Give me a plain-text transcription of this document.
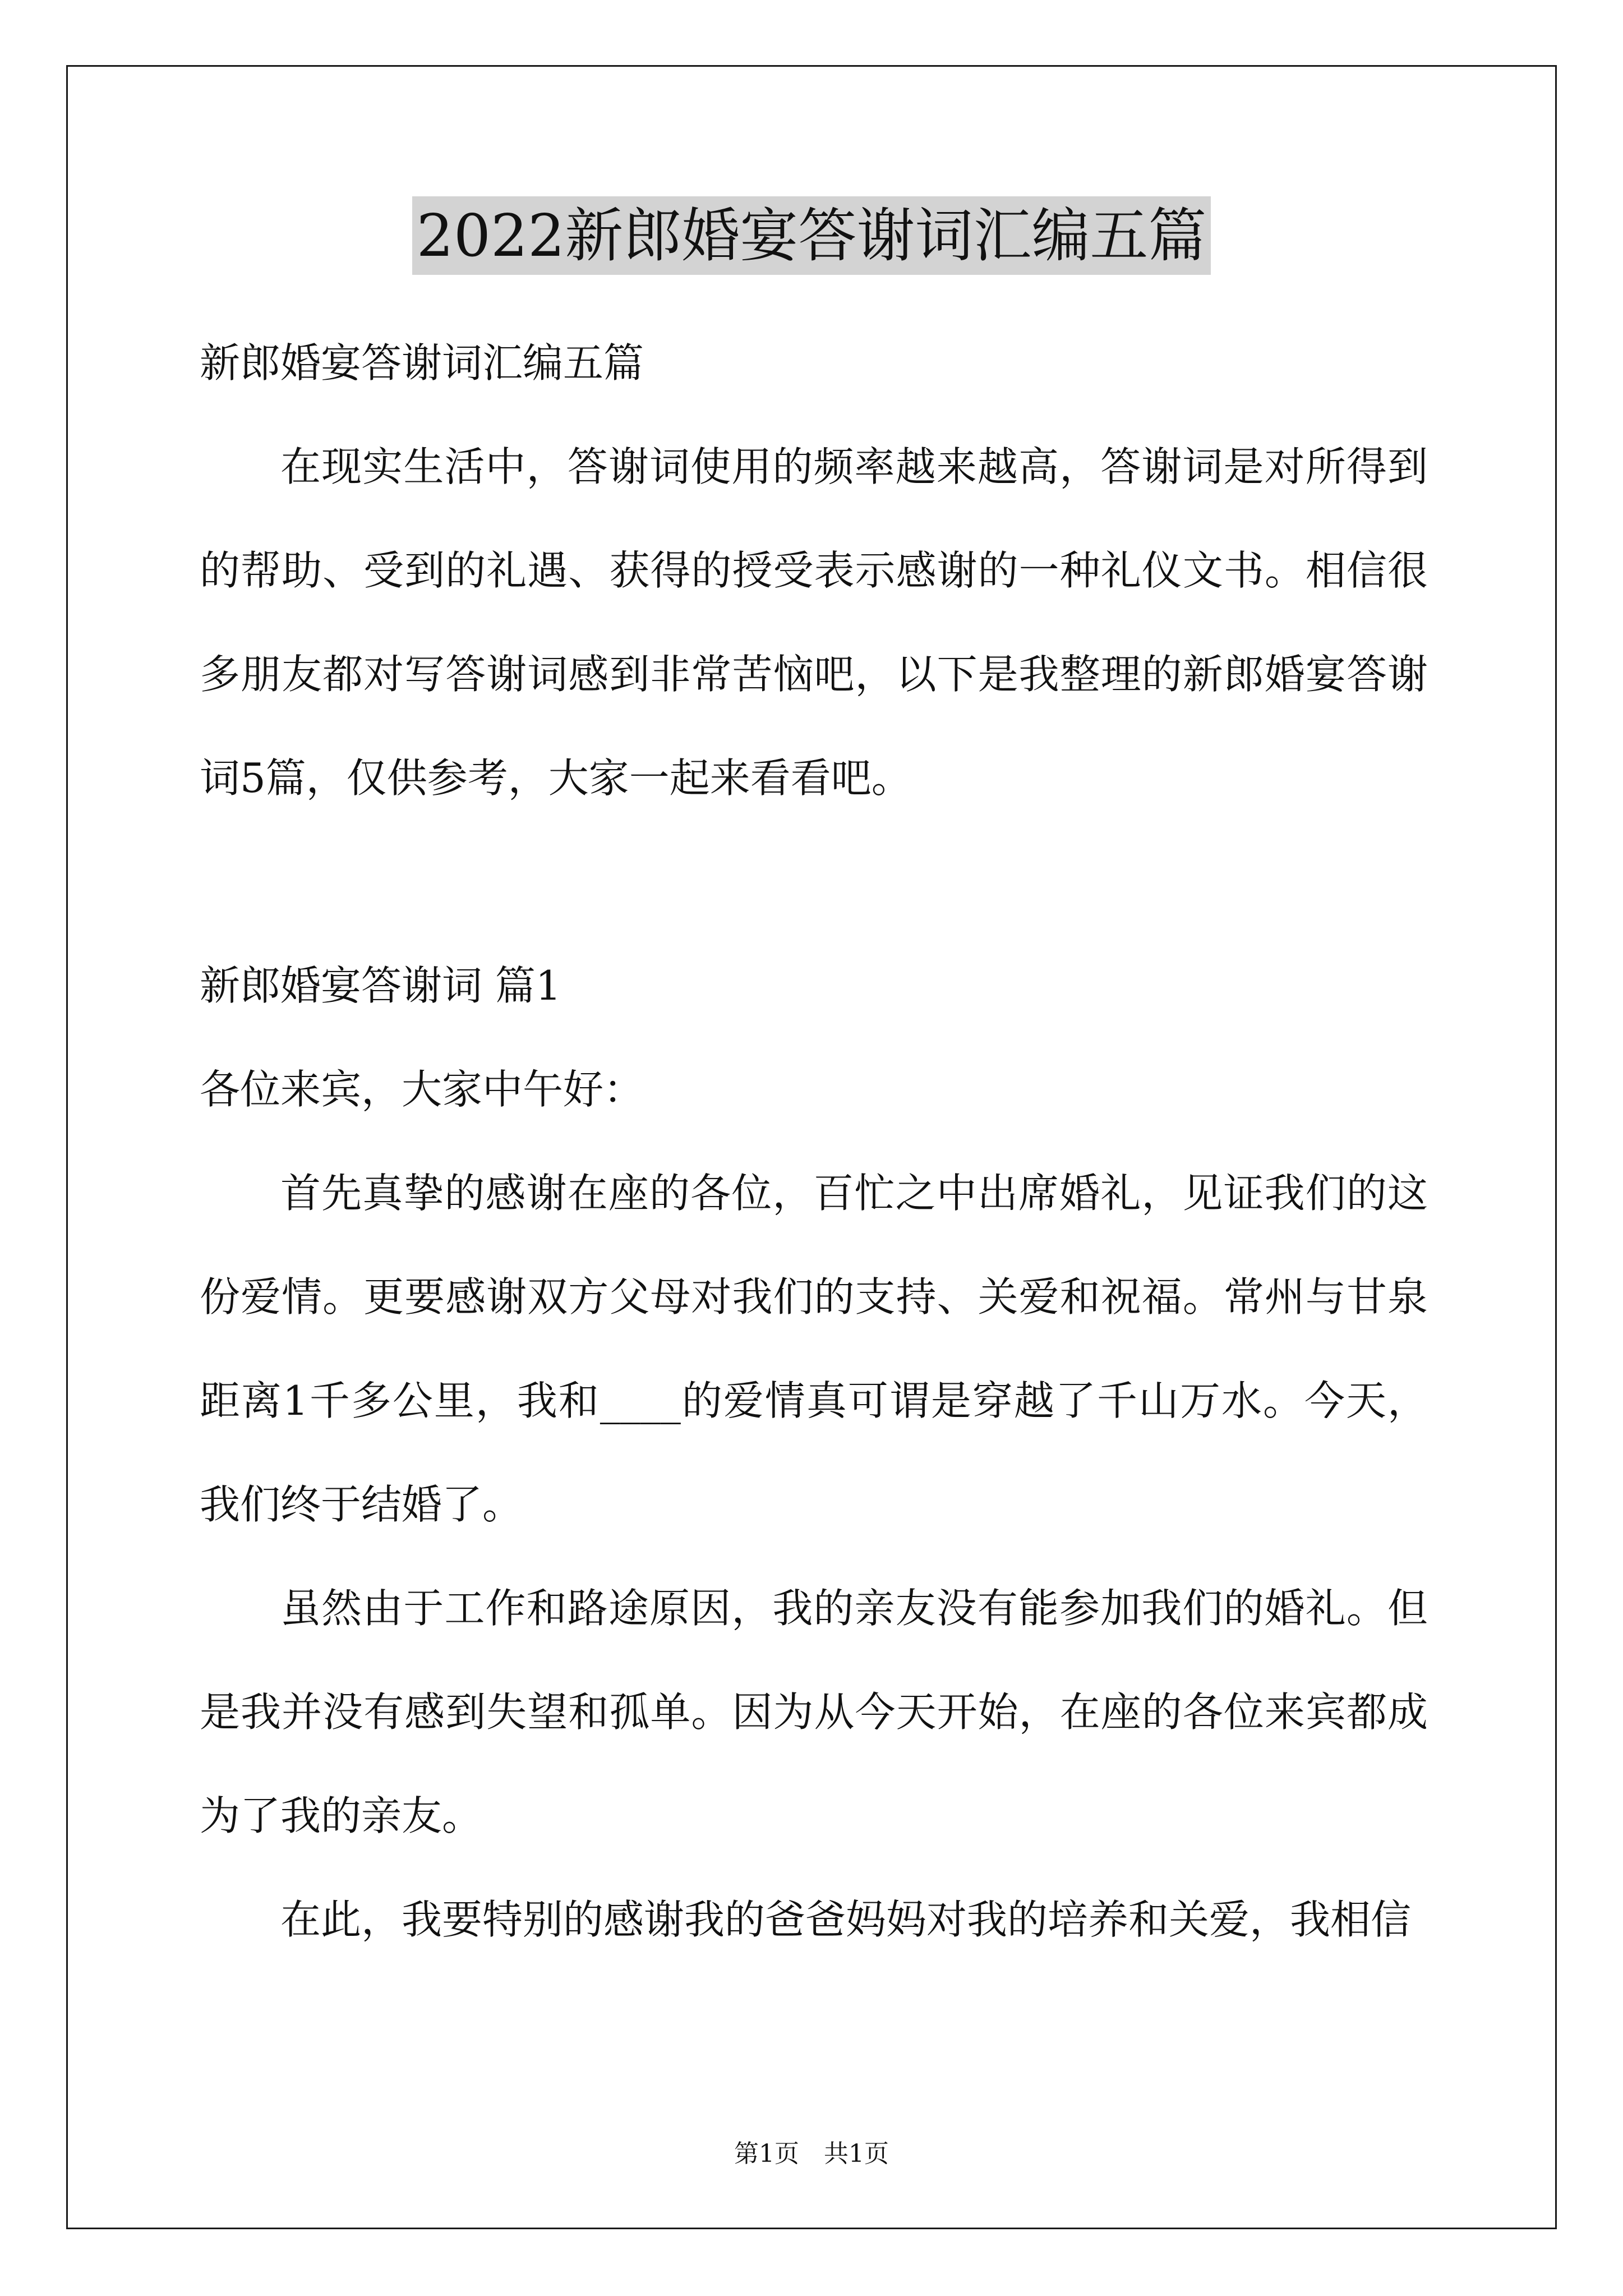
2022新郎婚宴答谢词汇编五篇

新郎婚宴答谢词汇编五篇

在现实生活中，答谢词使用的频率越来越高，答谢词是对所得到的帮助、受到的礼遇、获得的授受表示感谢的一种礼仪文书。相信很多朋友都对写答谢词感到非常苦恼吧，以下是我整理的新郎婚宴答谢词5篇，仅供参考，大家一起来看看吧。

新郎婚宴答谢词 篇1

各位来宾，大家中午好：

首先真挚的感谢在座的各位，百忙之中出席婚礼，见证我们的这份爱情。更要感谢双方父母对我们的支持、关爱和祝福。常州与甘泉距离1千多公里，我和____的爱情真可谓是穿越了千山万水。今天，我们终于结婚了。

虽然由于工作和路途原因，我的亲友没有能参加我们的婚礼。但是我并没有感到失望和孤单。因为从今天开始，在座的各位来宾都成为了我的亲友。

在此，我要特别的感谢我的爸爸妈妈对我的培养和关爱，我相信

第1页　共1页
